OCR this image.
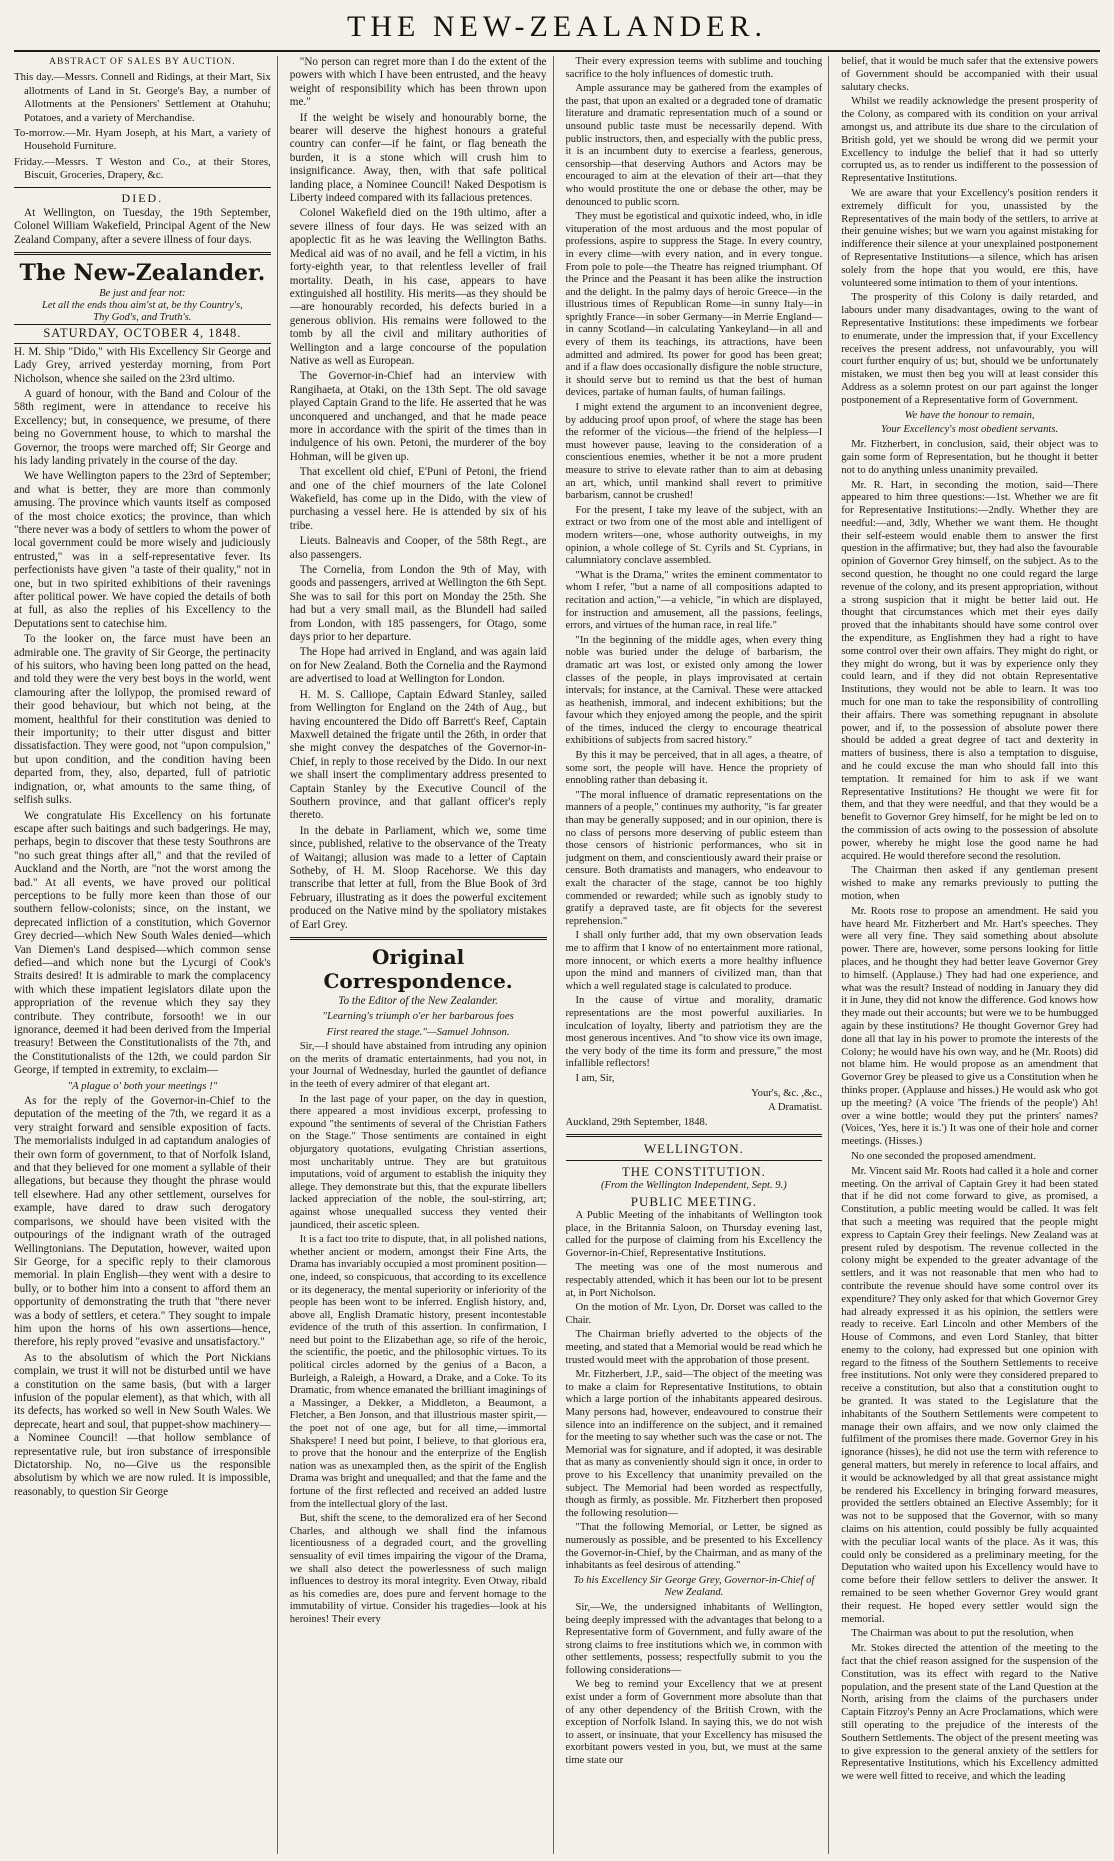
THE NEW-ZEALANDER.

ABSTRACT OF SALES BY AUCTION.

This day.—Messrs. Connell and Ridings, at their Mart, Six allotments of Land in St. George's Bay, a number of Allotments at the Pensioners' Settlement at Otahuhu; Potatoes, and a variety of Merchandise.

To-morrow.—Mr. Hyam Joseph, at his Mart, a variety of Household Furniture.

Friday.—Messrs. T Weston and Co., at their Stores, Biscuit, Groceries, Drapery, &c.

DIED.

At Wellington, on Tuesday, the 19th September, Colonel William Wakefield, Principal Agent of the New Zealand Company, after a severe illness of four days.

The New-Zealander.

Be just and fear not:

Let all the ends thou aim'st at, be thy Country's,

Thy God's, and Truth's.

SATURDAY, OCTOBER 4, 1848.

H. M. Ship "Dido," with His Excellency Sir George and Lady Grey, arrived yesterday morning, from Port Nicholson, whence she sailed on the 23rd ultimo.

A guard of honour, with the Band and Colour of the 58th regiment, were in attendance to receive his Excellency; but, in consequence, we presume, of there being no Government house, to which to marshal the Governor, the troops were marched off; Sir George and his lady landing privately in the course of the day.

We have Wellington papers to the 23rd of September; and what is better, they are more than commonly amusing. The province which vaunts itself as composed of the most choice exotics; the province, than which "there never was a body of settlers to whom the power of local government could be more wisely and judiciously entrusted," was in a self-representative fever. Its perfectionists have given "a taste of their quality," not in one, but in two spirited exhibitions of their ravenings after political power. We have copied the details of both at full, as also the replies of his Excellency to the Deputations sent to catechise him.

To the looker on, the farce must have been an admirable one. The gravity of Sir George, the pertinacity of his suitors, who having been long patted on the head, and told they were the very best boys in the world, went clamouring after the lollypop, the promised reward of their good behaviour, but which not being, at the moment, healthful for their constitution was denied to their importunity; to their utter disgust and bitter dissatisfaction. They were good, not "upon compulsion," but upon condition, and the condition having been departed from, they, also, departed, full of patriotic indignation, or, what amounts to the same thing, of selfish sulks.

We congratulate His Excellency on his fortunate escape after such baitings and such badgerings. He may, perhaps, begin to discover that these testy Southrons are "no such great things after all," and that the reviled of Auckland and the North, are "not the worst among the bad." At all events, we have proved our political perceptions to be fully more keen than those of our southern fellow-colonists; since, on the instant, we deprecated infliction of a constitution, which Governor Grey decried—which New South Wales denied—which Van Diemen's Land despised—which common sense defied—and which none but the Lycurgi of Cook's Straits desired! It is admirable to mark the complacency with which these impatient legislators dilate upon the appropriation of the revenue which they say they contribute. They contribute, forsooth! we in our ignorance, deemed it had been derived from the Imperial treasury! Between the Constitutionalists of the 7th, and the Constitutionalists of the 12th, we could pardon Sir George, if tempted in extremity, to exclaim—

"A plague o' both your meetings !"

As for the reply of the Governor-in-Chief to the deputation of the meeting of the 7th, we regard it as a very straight forward and sensible exposition of facts. The memorialists indulged in ad captandum analogies of their own form of government, to that of Norfolk Island, and that they believed for one moment a syllable of their allegations, but because they thought the phrase would tell elsewhere. Had any other settlement, ourselves for example, have dared to draw such derogatory comparisons, we should have been visited with the outpourings of the indignant wrath of the outraged Wellingtonians. The Deputation, however, waited upon Sir George, for a specific reply to their clamorous memorial. In plain English—they went with a desire to bully, or to bother him into a consent to afford them an opportunity of demonstrating the truth that "there never was a body of settlers, et cetera." They sought to impale him upon the horns of his own assertions—hence, therefore, his reply proved "evasive and unsatisfactory."

As to the absolutism of which the Port Nickians complain, we trust it will not be disturbed until we have a constitution on the same basis, (but with a larger infusion of the popular element), as that which, with all its defects, has worked so well in New South Wales. We deprecate, heart and soul, that puppet-show machinery—a Nominee Council! —that hollow semblance of representative rule, but iron substance of irresponsible Dictatorship. No, no—Give us the responsible absolutism by which we are now ruled. It is impossible, reasonably, to question Sir George

"No person can regret more than I do the extent of the powers with which I have been entrusted, and the heavy weight of responsibility which has been thrown upon me."

If the weight be wisely and honourably borne, the bearer will deserve the highest honours a grateful country can confer—if he faint, or flag beneath the burden, it is a stone which will crush him to insignificance. Away, then, with that safe political landing place, a Nominee Council! Naked Despotism is Liberty indeed compared with its fallacious pretences.

Colonel Wakefield died on the 19th ultimo, after a severe illness of four days. He was seized with an apoplectic fit as he was leaving the Wellington Baths. Medical aid was of no avail, and he fell a victim, in his forty-eighth year, to that relentless leveller of frail mortality. Death, in his case, appears to have extinguished all hostility. His merits—as they should be—are honourably recorded, his defects buried in a generous oblivion. His remains were followed to the tomb by all the civil and military authorities of Wellington and a large concourse of the population Native as well as European.

The Governor-in-Chief had an interview with Rangihaeta, at Otaki, on the 13th Sept. The old savage played Captain Grand to the life. He asserted that he was unconquered and unchanged, and that he made peace more in accordance with the spirit of the times than in indulgence of his own. Petoni, the murderer of the boy Hohman, will be given up.

That excellent old chief, E'Puni of Petoni, the friend and one of the chief mourners of the late Colonel Wakefield, has come up in the Dido, with the view of purchasing a vessel here. He is attended by six of his tribe.

Lieuts. Balneavis and Cooper, of the 58th Regt., are also passengers.

The Cornelia, from London the 9th of May, with goods and passengers, arrived at Wellington the 6th Sept. She was to sail for this port on Monday the 25th. She had but a very small mail, as the Blundell had sailed from London, with 185 passengers, for Otago, some days prior to her departure.

The Hope had arrived in England, and was again laid on for New Zealand. Both the Cornelia and the Raymond are advertised to load at Wellington for London.

H. M. S. Calliope, Captain Edward Stanley, sailed from Wellington for England on the 24th of Aug., but having encountered the Dido off Barrett's Reef, Captain Maxwell detained the frigate until the 26th, in order that she might convey the despatches of the Governor-in-Chief, in reply to those received by the Dido. In our next we shall insert the complimentary address presented to Captain Stanley by the Executive Council of the Southern province, and that gallant officer's reply thereto.

In the debate in Parliament, which we, some time since, published, relative to the observance of the Treaty of Waitangi; allusion was made to a letter of Captain Sotheby, of H. M. Sloop Racehorse. We this day transcribe that letter at full, from the Blue Book of 3rd February, illustrating as it does the powerful excitement produced on the Native mind by the spoliatory mistakes of Earl Grey.

Original Correspondence.

To the Editor of the New Zealander.

"Learning's triumph o'er her barbarous foes

First reared the stage."—Samuel Johnson.

Sir,—I should have abstained from intruding any opinion on the merits of dramatic entertainments, had you not, in your Journal of Wednesday, hurled the gauntlet of defiance in the teeth of every admirer of that elegant art.

In the last page of your paper, on the day in question, there appeared a most invidious excerpt, professing to expound "the sentiments of several of the Christian Fathers on the Stage." Those sentiments are contained in eight objurgatory quotations, evulgating Christian assertions, most uncharitably untrue. They are but gratuitous imputations, void of argument to establish the iniquity they allege. They demonstrate but this, that the expurate libellers lacked appreciation of the noble, the soul-stirring, art; against whose unequalled success they vented their jaundiced, their ascetic spleen.

It is a fact too trite to dispute, that, in all polished nations, whether ancient or modern, amongst their Fine Arts, the Drama has invariably occupied a most prominent position—one, indeed, so conspicuous, that according to its excellence or its degeneracy, the mental superiority or inferiority of the people has been wont to be inferred. English history, and, above all, English Dramatic history, present incontestable evidence of the truth of this assertion. In confirmation, I need but point to the Elizabethan age, so rife of the heroic, the scientific, the poetic, and the philosophic virtues. To its political circles adorned by the genius of a Bacon, a Burleigh, a Raleigh, a Howard, a Drake, and a Coke. To its Dramatic, from whence emanated the brilliant imaginings of a Massinger, a Dekker, a Middleton, a Beaumont, a Fletcher, a Ben Jonson, and that illustrious master spirit,—the poet not of one age, but for all time,—immortal Shakspere! I need but point, I believe, to that glorious era, to prove that the honour and the enterprize of the English nation was as unexampled then, as the spirit of the English Drama was bright and unequalled; and that the fame and the fortune of the first reflected and received an added lustre from the intellectual glory of the last.

But, shift the scene, to the demoralized era of her Second Charles, and although we shall find the infamous licentiousness of a degraded court, and the grovelling sensuality of evil times impairing the vigour of the Drama, we shall also detect the powerlessness of such malign influences to destroy its moral integrity. Even Otway, ribald as his comedies are, does pure and fervent homage to the immutability of virtue. Consider his tragedies—look at his heroines! Their every

Their every expression teems with sublime and touching sacrifice to the holy influences of domestic truth.

Ample assurance may be gathered from the examples of the past, that upon an exalted or a degraded tone of dramatic literature and dramatic representation much of a sound or unsound public taste must be necessarily depend. With public instructors, then, and especially with the public press, it is an incumbent duty to exercise a fearless, generous, censorship—that deserving Authors and Actors may be encouraged to aim at the elevation of their art—that they who would prostitute the one or debase the other, may be denounced to public scorn.

They must be egotistical and quixotic indeed, who, in idle vituperation of the most arduous and the most popular of professions, aspire to suppress the Stage. In every country, in every clime—with every nation, and in every tongue. From pole to pole—the Theatre has reigned triumphant. Of the Prince and the Peasant it has been alike the instruction and the delight. In the palmy days of heroic Greece—in the illustrious times of Republican Rome—in sunny Italy—in sprightly France—in sober Germany—in Merrie England—in canny Scotland—in calculating Yankeyland—in all and every of them its teachings, its attractions, have been admitted and admired. Its power for good has been great; and if a flaw does occasionally disfigure the noble structure, it should serve but to remind us that the best of human devices, partake of human faults, of human failings.

I might extend the argument to an inconvenient degree, by adducing proof upon proof, of where the stage has been the reformer of the vicious—the friend of the helpless—I must however pause, leaving to the consideration of a conscientious enemies, whether it be not a more prudent measure to strive to elevate rather than to aim at debasing an art, which, until mankind shall revert to primitive barbarism, cannot be crushed!

For the present, I take my leave of the subject, with an extract or two from one of the most able and intelligent of modern writers—one, whose authority outweighs, in my opinion, a whole college of St. Cyrils and St. Cyprians, in calumniatory conclave assembled.

"What is the Drama," writes the eminent commentator to whom I refer, "but a name of all compositions adapted to recitation and action,"—a vehicle, "in which are displayed, for instruction and amusement, all the passions, feelings, errors, and virtues of the human race, in real life."

"In the beginning of the middle ages, when every thing noble was buried under the deluge of barbarism, the dramatic art was lost, or existed only among the lower classes of the people, in plays improvisated at certain intervals; for instance, at the Carnival. These were attacked as heathenish, immoral, and indecent exhibitions; but the favour which they enjoyed among the people, and the spirit of the times, induced the clergy to encourage theatrical exhibitions of subjects from sacred history."

By this it may be perceived, that in all ages, a theatre, of some sort, the people will have. Hence the propriety of ennobling rather than debasing it.

"The moral influence of dramatic representations on the manners of a people," continues my authority, "is far greater than may be generally supposed; and in our opinion, there is no class of persons more deserving of public esteem than those censors of histrionic performances, who sit in judgment on them, and conscientiously award their praise or censure. Both dramatists and managers, who endeavour to exalt the character of the stage, cannot be too highly commended or rewarded; while such as ignobly study to gratify a depraved taste, are fit objects for the severest reprehension."

I shall only further add, that my own observation leads me to affirm that I know of no entertainment more rational, more innocent, or which exerts a more healthy influence upon the mind and manners of civilized man, than that which a well regulated stage is calculated to produce.

In the cause of virtue and morality, dramatic representations are the most powerful auxiliaries. In inculcation of loyalty, liberty and patriotism they are the most generous incentives. And "to show vice its own image, the very body of the time its form and pressure," the most infallible reflectors!

I am, Sir,

Your's, &c. ,&c.,

A Dramatist.

Auckland, 29th September, 1848.

WELLINGTON.

THE CONSTITUTION.

(From the Wellington Independent, Sept. 9.)

PUBLIC MEETING.

A Public Meeting of the inhabitants of Wellington took place, in the Britannia Saloon, on Thursday evening last, called for the purpose of claiming from his Excellency the Governor-in-Chief, Representative Institutions.

The meeting was one of the most numerous and respectably attended, which it has been our lot to be present at, in Port Nicholson.

On the motion of Mr. Lyon, Dr. Dorset was called to the Chair.

The Chairman briefly adverted to the objects of the meeting, and stated that a Memorial would be read which he trusted would meet with the approbation of those present.

Mr. Fitzherbert, J.P., said—The object of the meeting was to make a claim for Representative Institutions, to obtain which a large portion of the inhabitants appeared desirous. Many persons had, however, endeavoured to construe their silence into an indifference on the subject, and it remained for the meeting to say whether such was the case or not. The Memorial was for signature, and if adopted, it was desirable that as many as conveniently should sign it once, in order to prove to his Excellency that unanimity prevailed on the subject. The Memorial had been worded as respectfully, though as firmly, as possible. Mr. Fitzherbert then proposed the following resolution—

"That the following Memorial, or Letter, be signed as numerously as possible, and be presented to his Excellency the Governor-in-Chief, by the Chairman, and as many of the inhabitants as feel desirous of attending."

To his Excellency Sir George Grey, Governor-in-Chief of New Zealand.

Sir,—We, the undersigned inhabitants of Wellington, being deeply impressed with the advantages that belong to a Representative form of Government, and fully aware of the strong claims to free institutions which we, in common with other settlements, possess; respectfully submit to you the following considerations—

We beg to remind your Excellency that we at present exist under a form of Government more absolute than that of any other dependency of the British Crown, with the exception of Norfolk Island. In saying this, we do not wish to assert, or insinuate, that your Excellency has misused the exorbitant powers vested in you, but, we must at the same time state our

belief, that it would be much safer that the extensive powers of Government should be accompanied with their usual salutary checks.

Whilst we readily acknowledge the present prosperity of the Colony, as compared with its condition on your arrival amongst us, and attribute its due share to the circulation of British gold, yet we should be wrong did we permit your Excellency to indulge the belief that it had so utterly corrupted us, as to render us indifferent to the possession of Representative Institutions.

We are aware that your Excellency's position renders it extremely difficult for you, unassisted by the Representatives of the main body of the settlers, to arrive at their genuine wishes; but we warn you against mistaking for indifference their silence at your unexplained postponement of Representative Institutions—a silence, which has arisen solely from the hope that you would, ere this, have volunteered some intimation to them of your intentions.

The prosperity of this Colony is daily retarded, and labours under many disadvantages, owing to the want of Representative Institutions: these impediments we forbear to enumerate, under the impression that, if your Excellency receives the present address, not unfavourably, you will court further enquiry of us; but, should we be unfortunately mistaken, we must then beg you will at least consider this Address as a solemn protest on our part against the longer postponement of a Representative form of Government.

We have the honour to remain,

Your Excellency's most obedient servants.

Mr. Fitzherbert, in conclusion, said, their object was to gain some form of Representation, but he thought it better not to do anything unless unanimity prevailed.

Mr. R. Hart, in seconding the motion, said—There appeared to him three questions:—1st. Whether we are fit for Representative Institutions:—2ndly. Whether they are needful:—and, 3dly, Whether we want them. He thought their self-esteem would enable them to answer the first question in the affirmative; but, they had also the favourable opinion of Governor Grey himself, on the subject. As to the second question, he thought no one could regard the large revenue of the colony, and its present appropriation, without a strong suspicion that it might be better laid out. He thought that circumstances which met their eyes daily proved that the inhabitants should have some control over the expenditure, as Englishmen they had a right to have some control over their own affairs. They might do right, or they might do wrong, but it was by experience only they could learn, and if they did not obtain Representative Institutions, they would not be able to learn. It was too much for one man to take the responsibility of controlling their affairs. There was something repugnant in absolute power, and if, to the possession of absolute power there should be added a great degree of tact and dexterity in matters of business, there is also a temptation to disguise, and he could excuse the man who should fall into this temptation. It remained for him to ask if we want Representative Institutions? He thought we were fit for them, and that they were needful, and that they would be a benefit to Governor Grey himself, for he might be led on to the commission of acts owing to the possession of absolute power, whereby he might lose the good name he had acquired. He would therefore second the resolution.

The Chairman then asked if any gentleman present wished to make any remarks previously to putting the motion, when

Mr. Roots rose to propose an amendment. He said you have heard Mr. Fitzherbert and Mr. Hart's speeches. They were all very fine. They said something about absolute power. There are, however, some persons looking for little places, and he thought they had better leave Governor Grey to himself. (Applause.) They had had one experience, and what was the result? Instead of nodding in January they did it in June, they did not know the difference. God knows how they made out their accounts; but were we to be humbugged again by these institutions? He thought Governor Grey had done all that lay in his power to promote the interests of the Colony; he would have his own way, and he (Mr. Roots) did not blame him. He would propose as an amendment that Governor Grey be pleased to give us a Constitution when he thinks proper. (Applause and hisses.) He would ask who got up the meeting? (A voice 'The friends of the people') Ah! over a wine bottle; would they put the printers' names? (Voices, 'Yes, here it is.') It was one of their hole and corner meetings. (Hisses.)

No one seconded the proposed amendment.

Mr. Vincent said Mr. Roots had called it a hole and corner meeting. On the arrival of Captain Grey it had been stated that if he did not come forward to give, as promised, a Constitution, a public meeting would be called. It was felt that such a meeting was required that the people might express to Captain Grey their feelings. New Zealand was at present ruled by despotism. The revenue collected in the colony might be expended to the greater advantage of the settlers, and it was not reasonable that men who had to contribute the revenue should have some control over its expenditure? They only asked for that which Governor Grey had already expressed it as his opinion, the settlers were ready to receive. Earl Lincoln and other Members of the House of Commons, and even Lord Stanley, that bitter enemy to the colony, had expressed but one opinion with regard to the fitness of the Southern Settlements to receive free institutions. Not only were they considered prepared to receive a constitution, but also that a constitution ought to be granted. It was stated to the Legislature that the inhabitants of the Southern Settlements were competent to manage their own affairs, and we now only claimed the fulfilment of the promises there made. Governor Grey in his ignorance (hisses), he did not use the term with reference to general matters, but merely in reference to local affairs, and it would be acknowledged by all that great assistance might be rendered his Excellency in bringing forward measures, provided the settlers obtained an Elective Assembly; for it was not to be supposed that the Governor, with so many claims on his attention, could possibly be fully acquainted with the peculiar local wants of the place. As it was, this could only be considered as a preliminary meeting, for the Deputation who waited upon his Excellency would have to come before their fellow settlers to deliver the answer. It remained to be seen whether Governor Grey would grant their request. He hoped every settler would sign the memorial.

The Chairman was about to put the resolution, when

Mr. Stokes directed the attention of the meeting to the fact that the chief reason assigned for the suspension of the Constitution, was its effect with regard to the Native population, and the present state of the Land Question at the North, arising from the claims of the purchasers under Captain Fitzroy's Penny an Acre Proclamations, which were still operating to the prejudice of the interests of the Southern Settlements. The object of the present meeting was to give expression to the general anxiety of the settlers for Representative Institutions, which his Excellency admitted we were well fitted to receive, and which the leading
